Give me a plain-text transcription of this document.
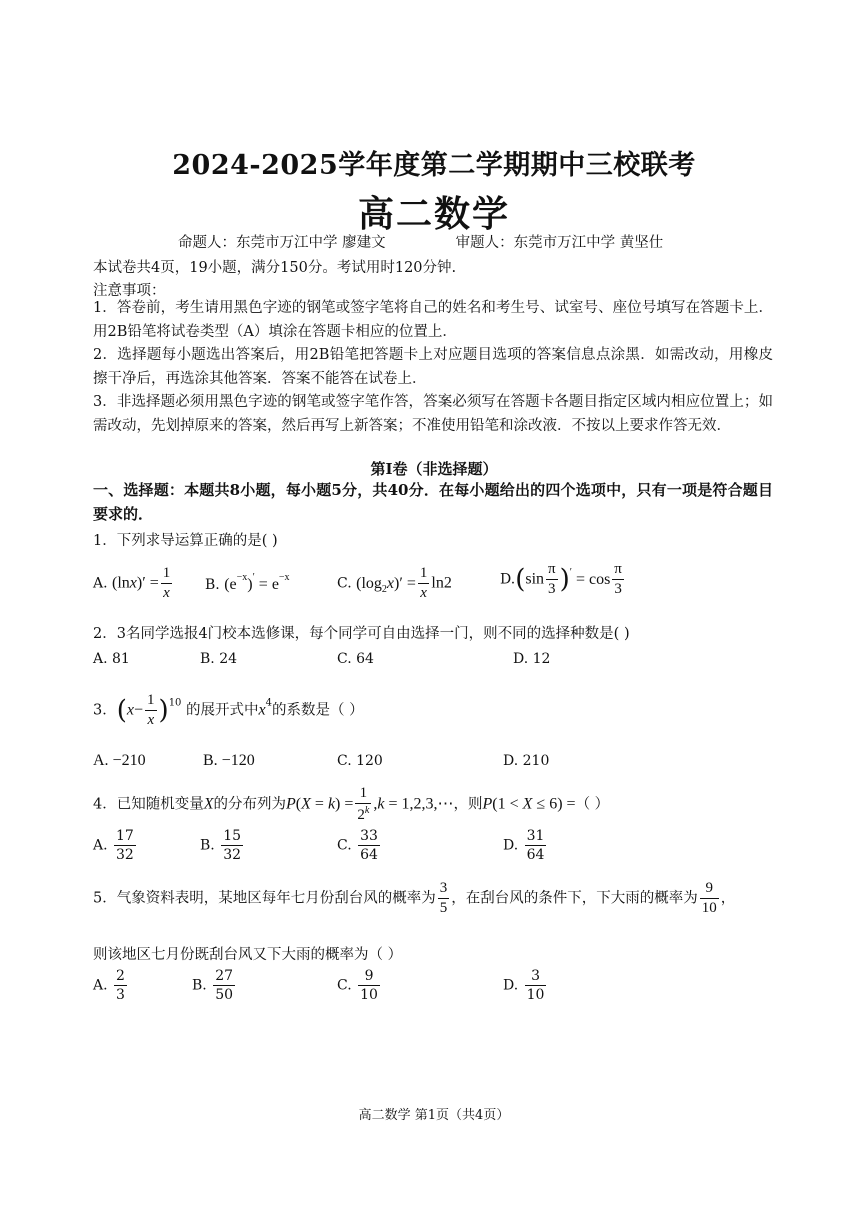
2024-2025学年度第二学期期中三校联考
高二数学
命题人：东莞市万江中学 廖建文	审题人：东莞市万江中学 黄坚仕
本试卷共4页，19小题，满分150分。考试用时120分钟.
注意事项：
1．答卷前，考生请用黑色字迹的钢笔或签字笔将自己的姓名和考生号、试室号、座位号填写在答题卡上．用2B铅笔将试卷类型（A）填涂在答题卡相应的位置上．
2．选择题每小题选出答案后，用2B铅笔把答题卡上对应题目选项的答案信息点涂黑．如需改动，用橡皮擦干净后，再选涂其他答案．答案不能答在试卷上．
3．非选择题必须用黑色字迹的钢笔或签字笔作答，答案必须写在答题卡各题目指定区域内相应位置上；如需改动，先划掉原来的答案，然后再写上新答案；不准使用铅笔和涂改液．不按以上要求作答无效．
第Ⅰ卷（非选择题）
一、选择题：本题共8小题，每小题5分，共40分．在每小题给出的四个选项中，只有一项是符合题目要求的．
1．下列求导运算正确的是( )
A. $(\ln x)' = \frac{1}{x} B$. $(e^{-x})' = e^{-x}$	C. $(\log_2x)' = \frac{1}{x} \ln 2$	$D.(\sin \frac{\pi}{3} )' = \cos \frac{\pi}{3}$
2．3名同学选报4门校本选修课，每个同学可自由选择一门，则不同的选择种数是( )
A. 81	B. 24	C. 64	D. 12
3．$(x- \frac{1}{x} )^{10}$ 的展开式中$x^4$的系数是（ ）
A. −210	B. −120	C. 120	D. 210
4．已知随机变量X的分布列为$P(X = k) = \frac{1}{2^k} ,k$ = 1,2,3,⋯，则P(1 < X ≤ 6) =（ ）
A. $\frac{17}{32}$	B. $\frac{15}{32}$	C. $\frac{33}{64}$	D. $\frac{31}{64}$
5．气象资料表明，某地区每年七月份刮台风的概率为 $\frac{3}{5}$ ，在刮台风的条件下，下大雨的概率为 $\frac{9}{10}$ ，
则该地区七月份既刮台风又下大雨的概率为（ ）
A. $\frac{2}{3}$	B. $\frac{27}{50}$	C. $\frac{9}{10}$	D. $\frac{3}{10}$
高二数学 第1页（共4页）
